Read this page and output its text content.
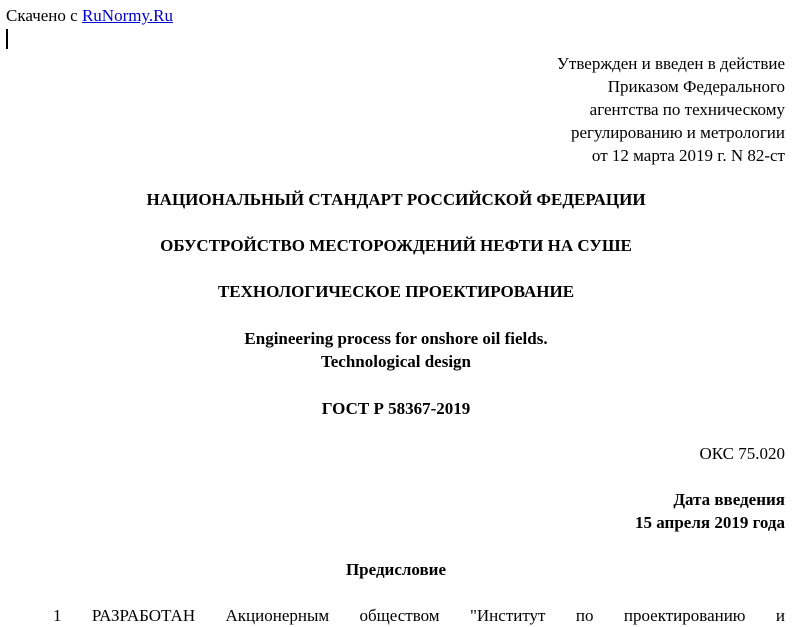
Скачено с RuNormy.Ru
Утвержден и введен в действие
Приказом Федерального
агентства по техническому
регулированию и метрологии
от 12 марта 2019 г. N 82-ст
НАЦИОНАЛЬНЫЙ СТАНДАРТ РОССИЙСКОЙ ФЕДЕРАЦИИ
ОБУСТРОЙСТВО МЕСТОРОЖДЕНИЙ НЕФТИ НА СУШЕ
ТЕХНОЛОГИЧЕСКОЕ ПРОЕКТИРОВАНИЕ
Engineering process for onshore oil fields.
Technological design
ГОСТ Р 58367-2019
ОКС 75.020
Дата введения
15 апреля 2019 года
Предисловие
1 РАЗРАБОТАН Акционерным обществом "Институт по проектированию и
